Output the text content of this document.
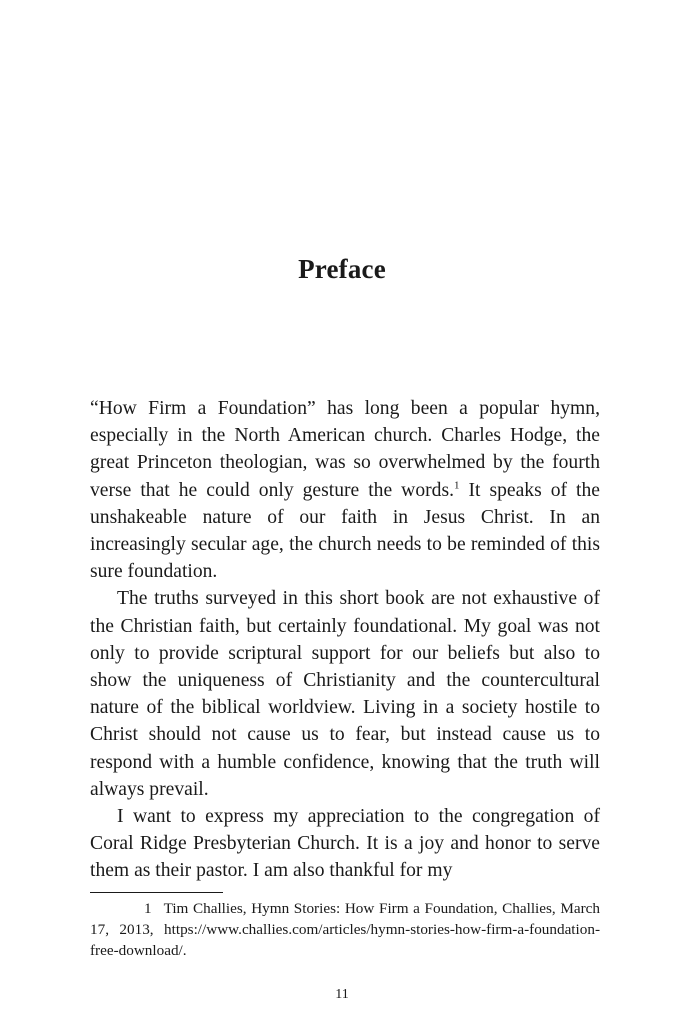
Preface

“How Firm a Foundation” has long been a popular hymn, especially in the North American church. Charles Hodge, the great Princeton theologian, was so overwhelmed by the fourth verse that he could only gesture the words.$^1$ It speaks of the unshakeable nature of our faith in Jesus Christ. In an increasingly secular age, the church needs to be reminded of this sure foundation.

The truths surveyed in this short book are not exhaustive of the Christian faith, but certainly foundational. My goal was not only to provide scriptural support for our beliefs but also to show the uniqueness of Christianity and the countercultural nature of the biblical worldview. Living in a society hostile to Christ should not cause us to fear, but instead cause us to respond with a humble confidence, knowing that the truth will always prevail.

I want to express my appreciation to the congregation of Coral Ridge Presbyterian Church. It is a joy and honor to serve them as their pastor. I am also thankful for my

1 Tim Challies, Hymn Stories: How Firm a Foundation, Challies, March 17, 2013, https://www.challies.com/articles/hymn-stories-how-firm-​a-foundation-free-download/.

11
